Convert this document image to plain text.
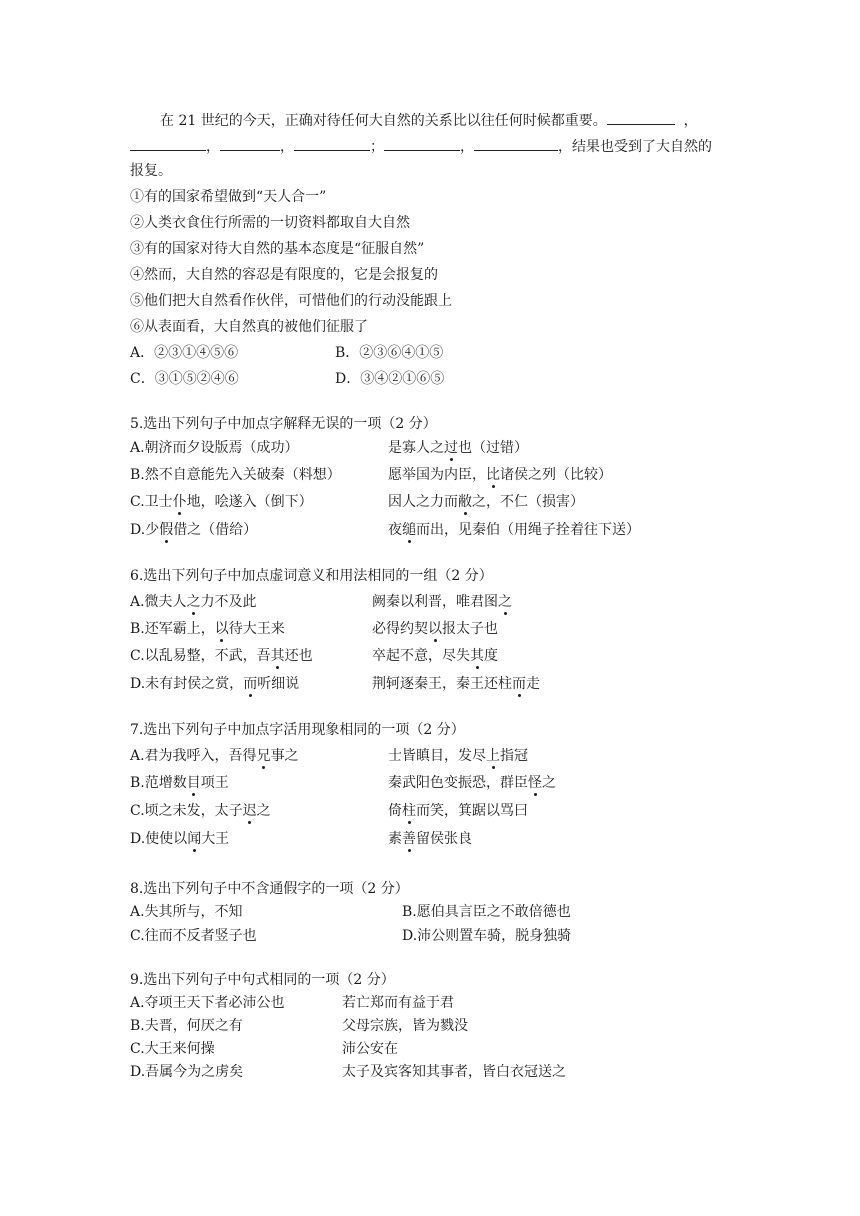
在 21 世纪的今天，正确对待任何大自然的关系比以往任何时候都重要。	，
，	，	；	，	，结果也受到了大自然的
报复。
①有的国家希望做到“天人合一”
②人类衣食住行所需的一切资料都取自大自然
③有的国家对待大自然的基本态度是“征服自然”
④然而，大自然的容忍是有限度的，它是会报复的
⑤他们把大自然看作伙伴，可惜他们的行动没能跟上
⑥从表面看，大自然真的被他们征服了
A．②③①④⑤⑥	B．②③⑥④①⑤
C．③①⑤②④⑥	D．③④②①⑥⑤
5.选出下列句子中加点字解释无误的一项（2 分）
A.朝济而夕设版焉（成功）	是寡人之过也（过错）
B.然不自意能先入关破秦（料想）	愿举国为内臣，比诸侯之列（比较）
C.卫士仆地，哙遂入（倒下）	因人之力而敝之，不仁（损害）
D.少假借之（借给）	夜缒而出，见秦伯（用绳子拴着往下送）
6.选出下列句子中加点虚词意义和用法相同的一组（2 分）
A.微夫人之力不及此	阙秦以利晋，唯君图之
B.还军霸上，以待大王来	必得约契以报太子也
C.以乱易整，不武，吾其还也	卒起不意，尽失其度
D.未有封侯之赏，而听细说	荆轲逐秦王，秦王还柱而走
7.选出下列句子中加点字活用现象相同的一项（2 分）
A.君为我呼入，吾得兄事之	士皆瞋目，发尽上指冠
B.范增数目项王	秦武阳色变振恐，群臣怪之
C.顷之未发，太子迟之	倚柱而笑，箕踞以骂曰
D.使使以闻大王	素善留侯张良
8.选出下列句子中不含通假字的一项（2 分）
A.失其所与，不知	B.愿伯具言臣之不敢倍德也
C.往而不反者竖子也	D.沛公则置车骑，脱身独骑
9.选出下列句子中句式相同的一项（2 分）
A.夺项王天下者必沛公也	若亡郑而有益于君
B.夫晋，何厌之有	父母宗族，皆为戮没
C.大王来何操	沛公安在
D.吾属今为之虏矣	太子及宾客知其事者，皆白衣冠送之
